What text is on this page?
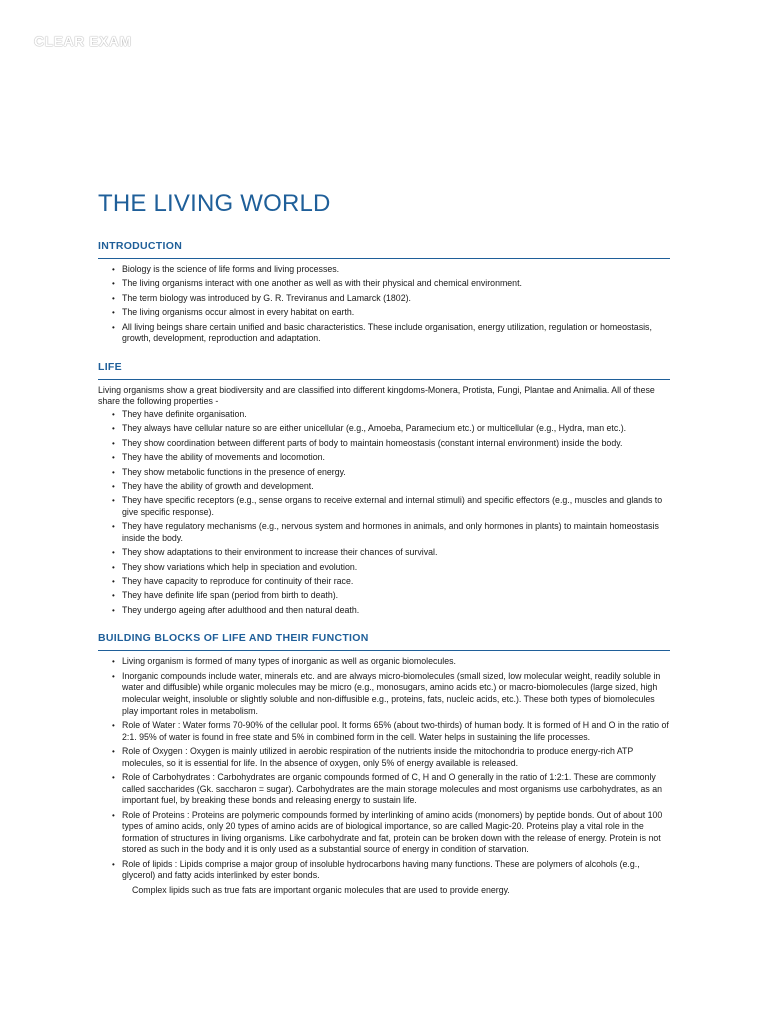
CLEAR EXAM
THE LIVING WORLD
INTRODUCTION
• Biology is the science of life forms and living processes.
• The living organisms interact with one another as well as with their physical and chemical environment.
• The term biology was introduced by G. R. Treviranus and Lamarck (1802).
• The living organisms occur almost in every habitat on earth.
• All living beings share certain unified and basic characteristics. These include organisation, energy utilization, regulation or homeostasis, growth, development, reproduction and adaptation.
LIFE

Living organisms show a great biodiversity and are classified into different kingdoms-Monera, Protista, Fungi, Plantae and Animalia. All of these share the following properties -

• They have definite organisation.
• They always have cellular nature so are either unicellular (e.g., Amoeba, Paramecium etc.) or multicellular (e.g., Hydra, man etc.).
• They show coordination between different parts of body to maintain homeostasis (constant internal environment) inside the body.
• They have the ability of movements and locomotion.
• They show metabolic functions in the presence of energy.
• They have the ability of growth and development.
• They have specific receptors (e.g., sense organs to receive external and internal stimuli) and specific effectors (e.g., muscles and glands to give specific response).
• They have regulatory mechanisms (e.g., nervous system and hormones in animals, and only hormones in plants) to maintain homeostasis inside the body.
• They show adaptations to their environment to increase their chances of survival.
• They show variations which help in speciation and evolution.
• They have capacity to reproduce for continuity of their race.
• They have definite life span (period from birth to death).
• They undergo ageing after adulthood and then natural death.
BUILDING BLOCKS OF LIFE AND THEIR FUNCTION
• Living organism is formed of many types of inorganic as well as organic biomolecules.
• Inorganic compounds include water, minerals etc. and are always micro-biomolecules (small sized, low molecular weight, readily soluble in water and diffusible) while organic molecules may be micro (e.g., monosugars, amino acids etc.) or macro-biomolecules (large sized, high molecular weight, insoluble or slightly soluble and non-diffusible e.g., proteins, fats, nucleic acids, etc.). These both types of biomolecules play important roles in metabolism.
• Role of Water : Water forms 70-90% of the cellular pool. It forms 65% (about two-thirds) of human body. It is formed of H and O in the ratio of 2:1. 95% of water is found in free state and 5% in combined form in the cell. Water helps in sustaining the life processes.
• Role of Oxygen : Oxygen is mainly utilized in aerobic respiration of the nutrients inside the mitochondria to produce energy-rich ATP molecules, so it is essential for life. In the absence of oxygen, only 5% of energy available is released.
• Role of Carbohydrates : Carbohydrates are organic compounds formed of C, H and O generally in the ratio of 1:2:1. These are commonly called saccharides (Gk. saccharon = sugar). Carbohydrates are the main storage molecules and most organisms use carbohydrates, as an important fuel, by breaking these bonds and releasing energy to sustain life.
• Role of Proteins : Proteins are polymeric compounds formed by interlinking of amino acids (monomers) by peptide bonds. Out of about 100 types of amino acids, only 20 types of amino acids are of biological importance, so are called Magic-20. Proteins play a vital role in the formation of structures in living organisms. Like carbohydrate and fat, protein can be broken down with the release of energy. Protein is not stored as such in the body and it is only used as a substantial source of energy in condition of starvation.
• Role of lipids : Lipids comprise a major group of insoluble hydrocarbons having many functions. These are polymers of alcohols (e.g., glycerol) and fatty acids interlinked by ester bonds.

Complex lipids such as true fats are important organic molecules that are used to provide energy.
